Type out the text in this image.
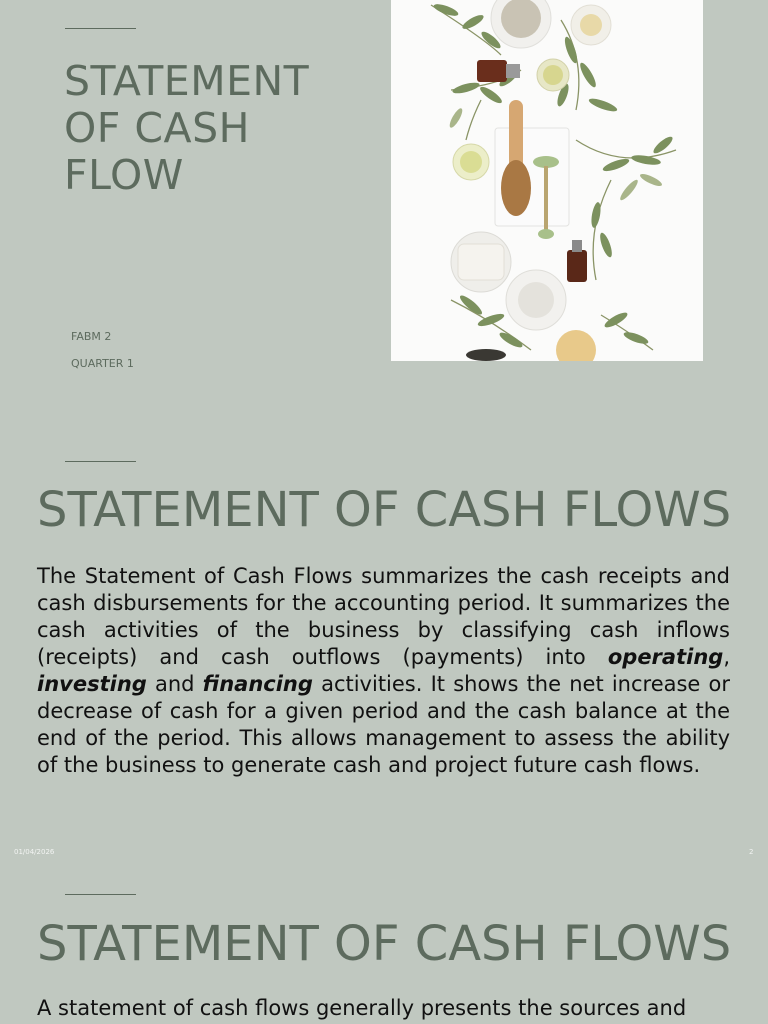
STATEMENT OF CASH FLOW
FABM 2
QUARTER 1
STATEMENT OF CASH FLOWS
The Statement of Cash Flows summarizes the cash receipts and cash disbursements for the accounting period. It summarizes the cash activities of the business by classifying cash inflows (receipts) and cash outflows (payments) into operating, investing and financing activities. It shows the net increase or decrease of cash for a given period and the cash balance at the end of the period. This allows management to assess the ability of the business to generate cash and project future cash flows.
01/04/2026	2
STATEMENT OF CASH FLOWS
A statement of cash flows generally presents the sources and
